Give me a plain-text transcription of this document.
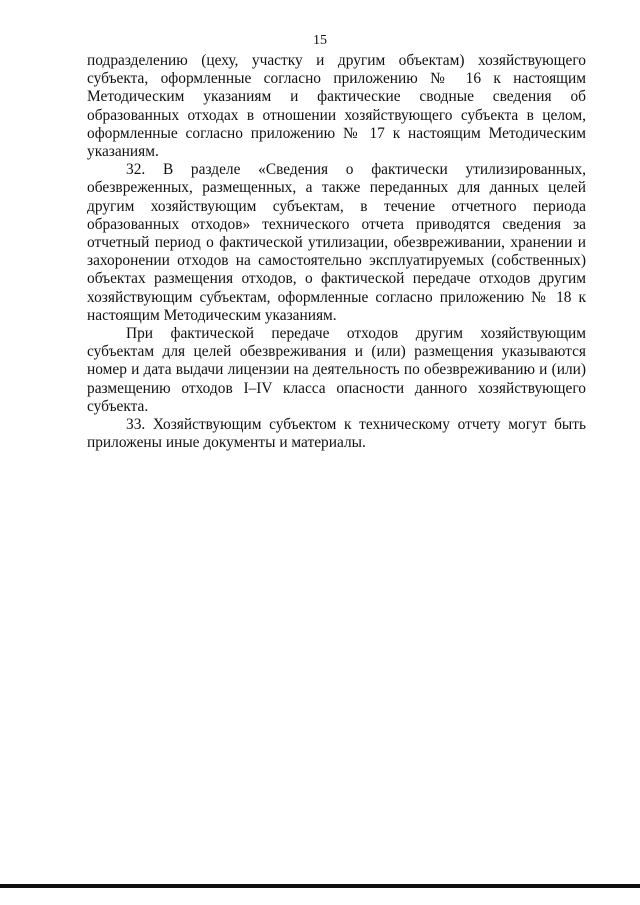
15

подразделению (цеху, участку и другим объектам) хозяйствующего субъекта, оформленные согласно приложению № 16 к настоящим Методическим указаниям и фактические сводные сведения об образованных отходах в отношении хозяйствующего субъекта в целом, оформленные согласно приложению № 17 к настоящим Методическим указаниям.

32. В разделе «Сведения о фактически утилизированных, обезвреженных, размещенных, а также переданных для данных целей другим хозяйствующим субъектам, в течение отчетного периода образованных отходов» технического отчета приводятся сведения за отчетный период о фактической утилизации, обезвреживании, хранении и захоронении отходов на самостоятельно эксплуатируемых (собственных) объектах размещения отходов, о фактической передаче отходов другим хозяйствующим субъектам, оформленные согласно приложению № 18 к настоящим Методическим указаниям.

При фактической передаче отходов другим хозяйствующим субъектам для целей обезвреживания и (или) размещения указываются номер и дата выдачи лицензии на деятельность по обезвреживанию и (или) размещению отходов I–IV класса опасности данного хозяйствующего субъекта.

33. Хозяйствующим субъектом к техническому отчету могут быть приложены иные документы и материалы.
